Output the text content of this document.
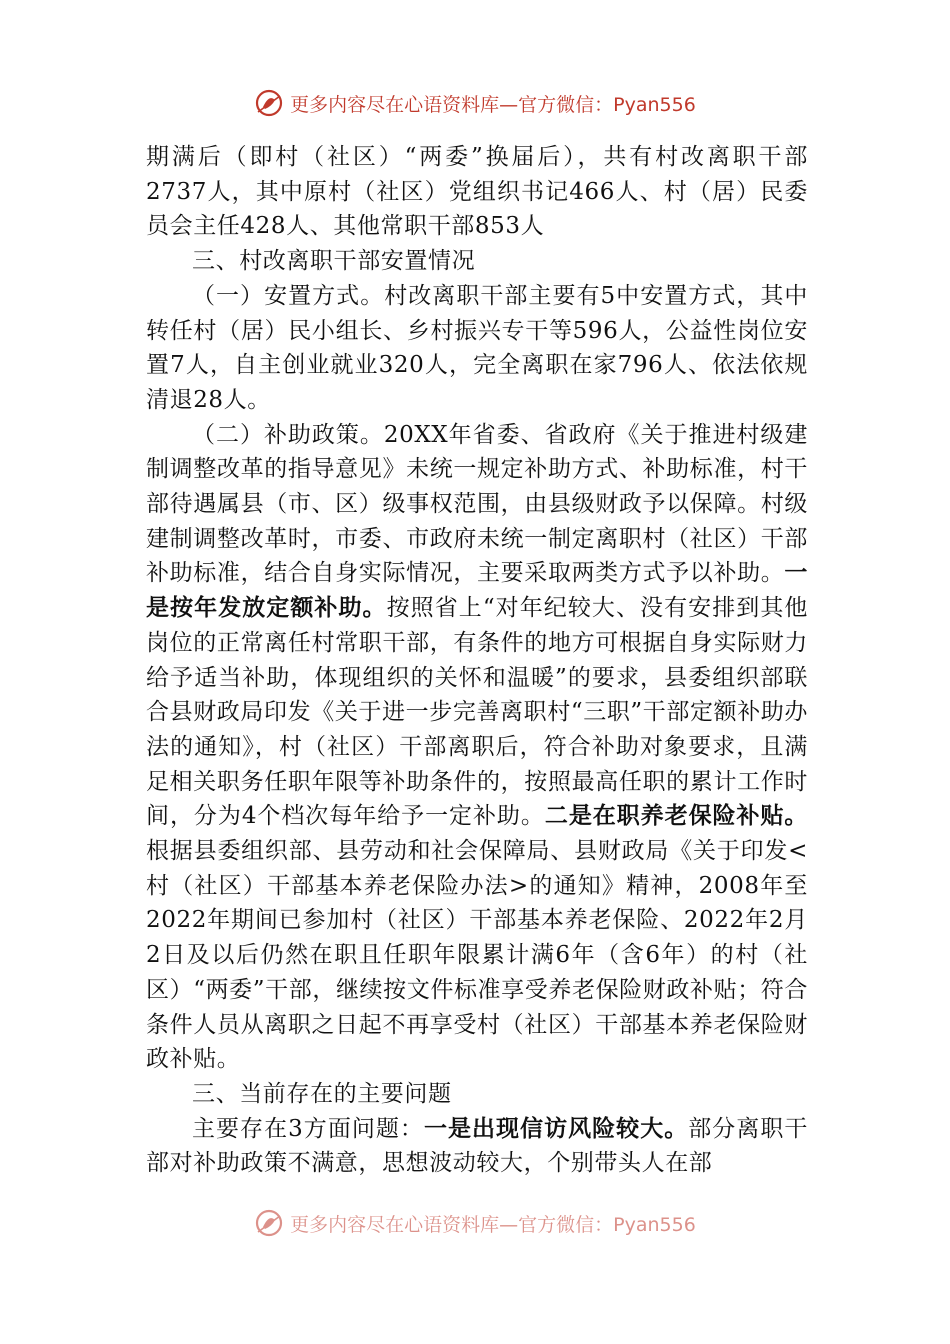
更多内容尽在心语资料库—官方微信：Pyan556

期满后（即村（社区）“两委”换届后），共有村改离职干部2737人，其中原村（社区）党组织书记466人、村（居）民委员会主任428人、其他常职干部853人

三、村改离职干部安置情况

（一）安置方式。村改离职干部主要有5中安置方式，其中转任村（居）民小组长、乡村振兴专干等596人，公益性岗位安置7人，自主创业就业320人，完全离职在家796人、依法依规清退28人。

（二）补助政策。20XX年省委、省政府《关于推进村级建制调整改革的指导意见》未统一规定补助方式、补助标准，村干部待遇属县（市、区）级事权范围，由县级财政予以保障。村级建制调整改革时，市委、市政府未统一制定离职村（社区）干部补助标准，结合自身实际情况，主要采取两类方式予以补助。一是按年发放定额补助。按照省上“对年纪较大、没有安排到其他岗位的正常离任村常职干部，有条件的地方可根据自身实际财力给予适当补助，体现组织的关怀和温暖”的要求，县委组织部联合县财政局印发《关于进一步完善离职村“三职”干部定额补助办法的通知》，村（社区）干部离职后，符合补助对象要求，且满足相关职务任职年限等补助条件的，按照最高任职的累计工作时间，分为4个档次每年给予一定补助。二是在职养老保险补贴。根据县委组织部、县劳动和社会保障局、县财政局《关于印发<村（社区）干部基本养老保险办法>的通知》精神，2008年至2022年期间已参加村（社区）干部基本养老保险、2022年2月2日及以后仍然在职且任职年限累计满6年（含6年）的村（社区）“两委”干部，继续按文件标准享受养老保险财政补贴；符合条件人员从离职之日起不再享受村（社区）干部基本养老保险财政补贴。

三、当前存在的主要问题

主要存在3方面问题：一是出现信访风险较大。部分离职干部对补助政策不满意，思想波动较大，个别带头人在部

更多内容尽在心语资料库—官方微信：Pyan556
